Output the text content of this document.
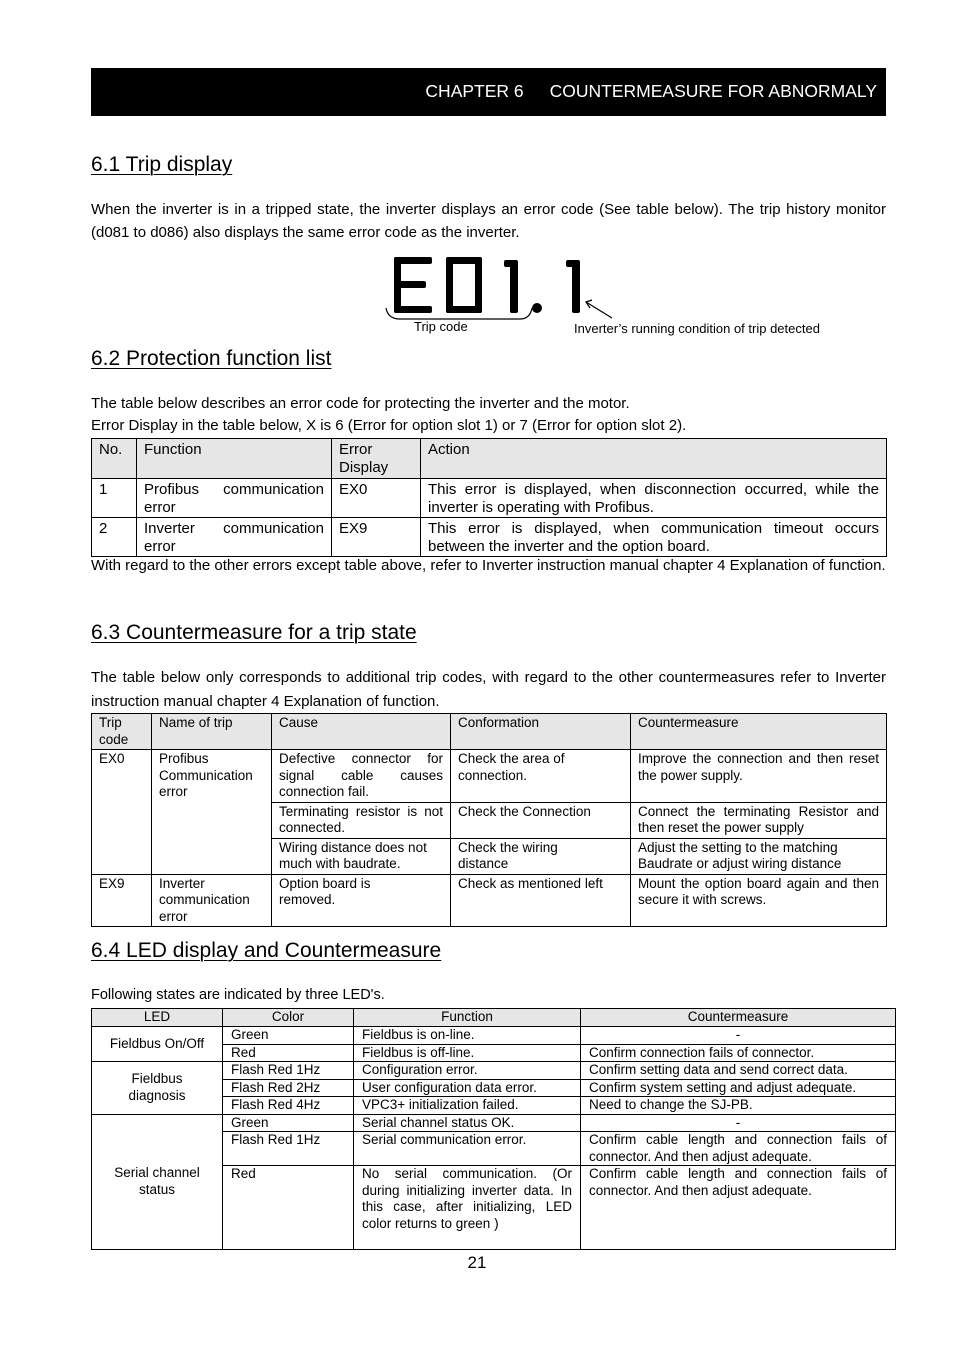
CHAPTER 6 COUNTERMEASURE FOR ABNORMALY
6.1 Trip display
When the inverter is in a tripped state, the inverter displays an error code (See table below). The trip history monitor (d081 to d086) also displays the same error code as the inverter.
Trip code	Inverter’s running condition of trip detected
6.2 Protection function list
The table below describes an error code for protecting the inverter and the motor.
Error Display in the table below, X is 6 (Error for option slot 1) or 7 (Error for option slot 2).
No.	Function	Error Display	Action
1	Profibus communication error	EX0	This error is displayed, when disconnection occurred, while the inverter is operating with Profibus.
2	Inverter communication error	EX9	This error is displayed, when communication timeout occurs between the inverter and the option board.
With regard to the other errors except table above, refer to Inverter instruction manual chapter 4 Explanation of function.
6.3 Countermeasure for a trip state
The table below only corresponds to additional trip codes, with regard to the other countermeasures refer to Inverter instruction manual chapter 4 Explanation of function.
Trip code	Name of trip	Cause	Conformation	Countermeasure
EX0	Profibus Communication error	Defective connector for signal cable causes connection fail.	Check the area of connection.	Improve the connection and then reset the power supply.
		Terminating resistor is not connected.	Check the Connection	Connect the terminating Resistor and then reset the power supply
		Wiring distance does not much with baudrate.	Check the wiring distance	Adjust the setting to the matching Baudrate or adjust wiring distance
EX9	Inverter communication error	Option board is removed.	Check as mentioned left	Mount the option board again and then secure it with screws.
6.4 LED display and Countermeasure
Following states are indicated by three LED's.
LED	Color	Function	Countermeasure
Fieldbus On/Off	Green	Fieldbus is on-line.	-
	Red	Fieldbus is off-line.	Confirm connection fails of connector.
Fieldbus diagnosis	Flash Red 1Hz	Configuration error.	Confirm setting data and send correct data.
	Flash Red 2Hz	User configuration data error.	Confirm system setting and adjust adequate.
	Flash Red 4Hz	VPC3+ initialization failed.	Need to change the SJ-PB.
Serial channel status	Green	Serial channel status OK.	-
	Flash Red 1Hz	Serial communication error.	Confirm cable length and connection fails of connector. And then adjust adequate.
	Red	No serial communication. (Or during initializing inverter data. In this case, after initializing, LED color returns to green )	Confirm cable length and connection fails of connector. And then adjust adequate.
21
